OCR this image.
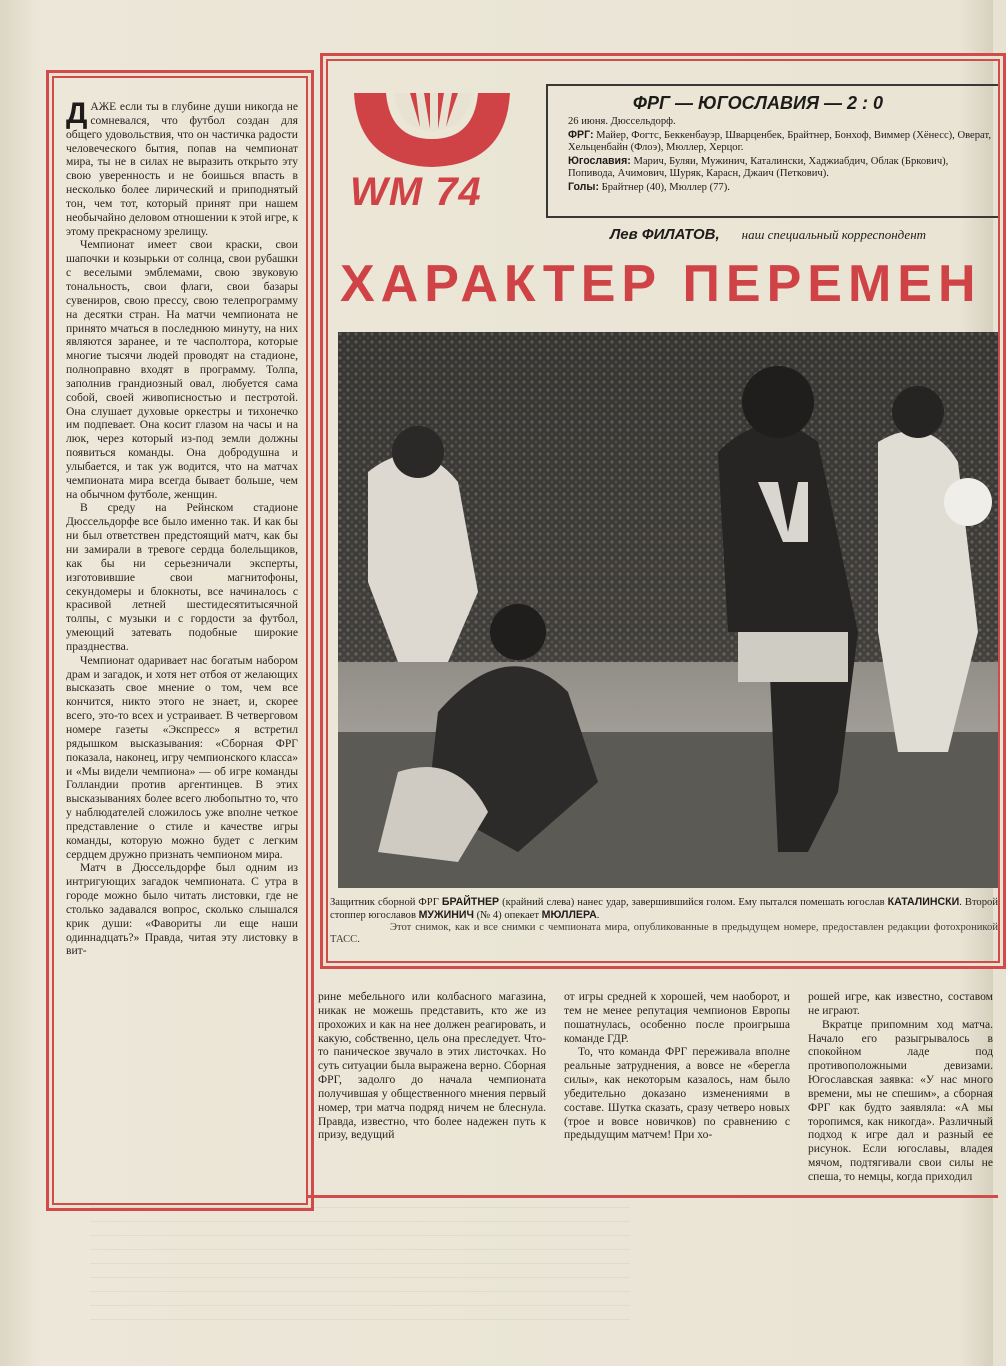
ДАЖЕ если ты в глубине души никогда не сомневался, что футбол создан для общего удовольствия, что он частичка радости человеческого бытия, попав на чемпионат мира, ты не в силах не выразить открыто эту свою уверенность и не боишься впасть в несколько более лирический и приподнятый тон, чем тот, который принят при нашем необычайно деловом отношении к этой игре, к этому прекрасному зрелищу.

Чемпионат имеет свои краски, свои шапочки и козырьки от солнца, свои рубашки с веселыми эмблемами, свою звуковую тональность, свои флаги, свои базары сувениров, свою прессу, свою телепрограмму на десятки стран. На матчи чемпионата не принято мчаться в последнюю минуту, на них являются заранее, и те часполтора, которые многие тысячи людей проводят на стадионе, полноправно входят в программу. Толпа, заполнив грандиозный овал, любуется сама собой, своей живописностью и пестротой. Она слушает духовые оркестры и тихонечко им подпевает. Она косит глазом на часы и на люк, через который из-под земли должны появиться команды. Она добродушна и улыбается, и так уж водится, что на матчах чемпионата мира всегда бывает больше, чем на обычном футболе, женщин.

В среду на Рейнском стадионе Дюссельдорфе все было именно так. И как бы ни был ответствен предстоящий матч, как бы ни замирали в тревоге сердца болельщиков, как бы ни серьезничали эксперты, изготовившие свои магнитофоны, секундомеры и блокноты, все начиналось с красивой летней шестидесятитысячной толпы, с музыки и с гордости за футбол, умеющий затевать подобные широкие празднества.

Чемпионат одаривает нас богатым набором драм и загадок, и хотя нет отбоя от желающих высказать свое мнение о том, чем все кончится, никто этого не знает, и, скорее всего, это-то всех и устраивает. В четверговом номере газеты «Экспресс» я встретил рядышком высказывания: «Сборная ФРГ показала, наконец, игру чемпионского класса» и «Мы видели чемпиона» — об игре команды Голландии против аргентинцев. В этих высказываниях более всего любопытно то, что у наблюдателей сложилось уже вполне четкое представление о стиле и качестве игры команды, которую можно будет с легким сердцем дружно признать чемпионом мира.

Матч в Дюссельдорфе был одним из интригующих загадок чемпионата. С утра в городе можно было читать листовки, где не столько задавался вопрос, сколько слышался крик души: «Фавориты ли еще наши одиннадцать?» Правда, читая эту листовку в вит-

WM 74
ФРГ — ЮГОСЛАВИЯ — 2 : 0
26 июня. Дюссельдорф.
ФРГ: Майер, Фогтс, Беккенбауэр, Шварценбек, Брайтнер, Бонхоф, Виммер (Хёнесс), Оверат, Хельценбайн (Флоэ), Мюллер, Херцог.
Югославия: Марич, Буляи, Мужинич, Каталински, Хаджиабдич, Облак (Бркович), Попивода, Ачимович, Шуряк, Карасн, Джаич (Петкович).
Голы: Брайтнер (40), Мюллер (77).
Лев ФИЛАТОВ, наш специальный корреспондент
ХАРАКТЕР ПЕРЕМЕН
Защитник сборной ФРГ БРАЙТНЕР (крайний слева) нанес удар, завершившийся голом. Ему пытался помешать югослав КАТАЛИНСКИ. Второй стоппер югославов МУЖИНИЧ (№ 4) опекает МЮЛЛЕРА.
Этот снимок, как и все снимки с чемпионата мира, опубликованные в предыдущем номере, предоставлен редакции фотохроникой ТАСС.

рине мебельного или колбасного магазина, никак не можешь представить, кто же из прохожих и как на нее должен реагировать, и какую, собственно, цель она преследует. Что-то паническое звучало в этих листочках. Но суть ситуации была выражена верно. Сборная ФРГ, задолго до начала чемпионата получившая у общественного мнения первый номер, три матча подряд ничем не блеснула. Правда, известно, что более надежен путь к призу, ведущий

от игры средней к хорошей, чем наоборот, и тем не менее репутация чемпионов Европы пошатнулась, особенно после проигрыша команде ГДР.

То, что команда ФРГ переживала вполне реальные затруднения, а вовсе не «берегла силы», как некоторым казалось, нам было убедительно доказано изменениями в составе. Шутка сказать, сразу четверо новых (трое и вовсе новичков) по сравнению с предыдущим матчем! При хо-

рошей игре, как известно, составом не играют.

Вкратце припомним ход матча. Начало его разыгрывалось в спокойном ладе под противоположными девизами. Югославская заявка: «У нас много времени, мы не спешим», а сборная ФРГ как будто заявляла: «А мы торопимся, как никогда». Различный подход к игре дал и разный ее рисунок. Если югославы, владея мячом, подтягивали свои силы не спеша, то немцы, когда приходил
